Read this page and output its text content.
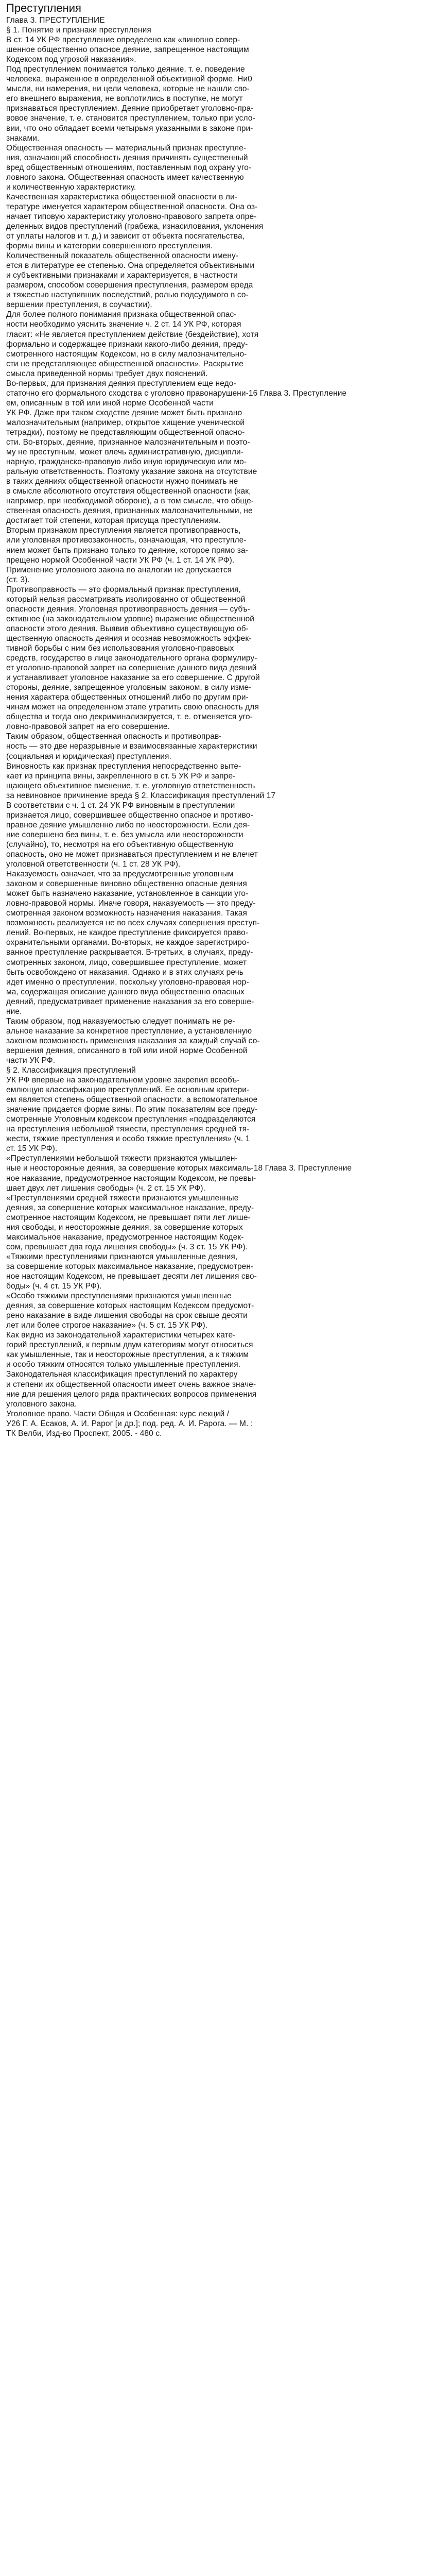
Преступления
Глава 3. ПРЕСТУПЛЕНИЕ
§ 1. Понятие и признаки преступления
В ст. 14 УК РФ преступление определено как «виновно совер-
шенное общественно опасное деяние, запрещенное настоящим
Кодексом под угрозой наказания».
Под преступлением понимается только деяние, т. е. поведение
человека, выраженное в определенной объективной форме. Ни0
мысли, ни намерения, ни цели человека, которые не нашли сво-
его внешнего выражения, не воплотились в поступке, не могут
признаваться преступлением. Деяние приобретает уголовно-пра-
вовое значение, т. е. становится преступлением, только при усло-
вии, что оно обладает всеми четырьмя указанными в законе при-
знаками.
Общественная опасность — материальный признак преступле-
ния, означающий способность деяния причинять существенный
вред общественным отношениям, поставленным под охрану уго-
ловного закона. Общественная опасность имеет качественную
и количественную характеристику.
Качественная характеристика общественной опасности в ли-
тературе именуется характером общественной опасности. Она оз-
начает типовую характеристику уголовно-правового запрета опре-
деленных видов преступлений (грабежа, изнасилования, уклонения
от уплаты налогов и т. д.) и зависит от объекта посягательства,
формы вины и категории совершенного преступления.
Количественный показатель общественной опасности имену-
ется в литературе ее степенью. Она определяется объективными
и субъективными признаками и характеризуется, в частности
размером, способом совершения преступления, размером вреда
и тяжестью наступивших последствий, ролью подсудимого в со-
вершении преступления, в соучастии).
Для более полного понимания признака общественной опас-
ности необходимо уяснить значение ч. 2 ст. 14 УК РФ, которая
гласит: «Не является преступлением действие (бездействие), хотя
формально и содержащее признаки какого-либо деяния, преду-
смотренного настоящим Кодексом, но в силу малозначительно-
сти не представляющее общественной опасности». Раскрытие
смысла приведенной нормы требует двух пояснений.
Во-первых, для признания деяния преступлением еще недо-
статочно его формального сходства с уголовно правонарушени-16 Глава 3. Преступление
ем, описанным в той или иной норме Особенной части
УК РФ. Даже при таком сходстве деяние может быть признано
малозначительным (например, открытое хищение ученической
тетрадки), поэтому не представляющим общественной опасно-
сти. Во-вторых, деяние, признанное малозначительным и поэто-
му не преступным, может влечь административную, дисципли-
нарную, гражданско-правовую либо иную юридическую или мо-
ральную ответственность. Поэтому указание закона на отсутствие
в таких деяниях общественной опасности нужно понимать не
в смысле абсолютного отсутствия общественной опасности (как,
например, при необходимой обороне), а в том смысле, что обще-
ственная опасность деяния, признанных малозначительными, не
достигает той степени, которая присуща преступлениям.
Вторым признаком преступления является противоправность,
или уголовная противозаконность, означающая, что преступле-
нием может быть признано только то деяние, которое прямо за-
прещено нормой Особенной части УК РФ (ч. 1 ст. 14 УК РФ).
Применение уголовного закона по аналогии не допускается
(ст. 3).
Противоправность — это формальный признак преступления,
который нельзя рассматривать изолированно от общественной
опасности деяния. Уголовная противоправность деяния — субъ-
ективное (на законодательном уровне) выражение общественной
опасности этого деяния. Выявив объективно существующую об-
щественную опасность деяния и осознав невозможность эффек-
тивной борьбы с ним без использования уголовно-правовых
средств, государство в лице законодательного органа формулиру-
ет уголовно-правовой запрет на совершение данного вида деяний
и устанавливает уголовное наказание за его совершение. С другой
стороны, деяние, запрещенное уголовным законом, в силу изме-
нения характера общественных отношений либо по другим при-
чинам может на определенном этапе утратить свою опасность для
общества и тогда оно декриминализируется, т. е. отменяется уго-
ловно-правовой запрет на его совершение.
Таким образом, общественная опасность и противоправ-
ность — это две неразрывные и взаимосвязанные характеристики
(социальная и юридическая) преступления.
Виновность как признак преступления непосредственно выте-
кает из принципа вины, закрепленного в ст. 5 УК РФ и запре-
щающего объективное вменение, т. е. уголовную ответственность
за невиновное причинение вреда § 2. Классификация преступлений 17
В соответствии с ч. 1 ст. 24 УК РФ виновным в преступлении
признается лицо, совершившее общественно опасное и противо-
правное деяние умышленно либо по неосторожности. Если дея-
ние совершено без вины, т. е. без умысла или неосторожности
(случайно), то, несмотря на его объективную общественную
опасность, оно не может признаваться преступлением и не влечет
уголовной ответственности (ч. 1 ст. 28 УК РФ).
Наказуемость означает, что за предусмотренные уголовным
законом и совершенные виновно общественно опасные деяния
может быть назначено наказание, установленное в санкции уго-
ловно-правовой нормы. Иначе говоря, наказуемость — это преду-
смотренная законом возможность назначения наказания. Такая
возможность реализуется не во всех случаях совершения преступ-
лений. Во-первых, не каждое преступление фиксируется право-
охранительными органами. Во-вторых, не каждое зарегистриро-
ванное преступление раскрывается. В-третьих, в случаях, преду-
смотренных законом, лицо, совершившее преступление, может
быть освобождено от наказания. Однако и в этих случаях речь
идет именно о преступлении, поскольку уголовно-правовая нор-
ма, содержащая описание данного вида общественно опасных
деяний, предусматривает применение наказания за его соверше-
ние.
Таким образом, под наказуемостью следует понимать не ре-
альное наказание за конкретное преступление, а установленную
законом возможность применения наказания за каждый случай со-
вершения деяния, описанного в той или иной норме Особенной
части УК РФ.
§ 2. Классификация преступлений
УК РФ впервые на законодательном уровне закрепил всеобъ-
емлющую классификацию преступлений. Ее основным критери-
ем является степень общественной опасности, а вспомогательное
значение придается форме вины. По этим показателям все преду-
смотренные Уголовным кодексом преступления «подразделяются
на преступления небольшой тяжести, преступления средней тя-
жести, тяжкие преступления и особо тяжкие преступления» (ч. 1
ст. 15 УК РФ).
«Преступлениями небольшой тяжести признаются умышлен-
ные и неосторожные деяния, за совершение которых максималь-18 Глава 3. Преступление
ное наказание, предусмотренное настоящим Кодексом, не превы-
шает двух лет лишения свободы» (ч. 2 ст. 15 УК РФ).
«Преступлениями средней тяжести признаются умышленные
деяния, за совершение которых максимальное наказание, преду-
смотренное настоящим Кодексом, не превышает пяти лет лише-
ния свободы, и неосторожные деяния, за совершение которых
максимальное наказание, предусмотренное настоящим Кодек-
сом, превышает два года лишения свободы» (ч. 3 ст. 15 УК РФ).
«Тяжкими преступлениями признаются умышленные деяния,
за совершение которых максимальное наказание, предусмотрен-
ное настоящим Кодексом, не превышает десяти лет лишения сво-
боды» (ч. 4 ст. 15 УК РФ).
«Особо тяжкими преступлениями признаются умышленные
деяния, за совершение которых настоящим Кодексом предусмот-
рено наказание в виде лишения свободы на срок свыше десяти
лет или более строгое наказание» (ч. 5 ст. 15 УК РФ).
Как видно из законодательной характеристики четырех кате-
горий преступлений, к первым двум категориям могут относиться
как умышленные, так и неосторожные преступления, а к тяжким
и особо тяжким относятся только умышленные преступления.
Законодательная классификация преступлений по характеру
и степени их общественной опасности имеет очень важное значе-
ние для решения целого ряда практических вопросов применения
уголовного закона.
Уголовное право. Части Общая и Особенная: курс лекций /
У26 Г. А. Есаков, А. И. Рарог [и др.]; под. ред. А. И. Рарога. — М. :
ТК Велби, Изд-во Проспект, 2005. - 480 с.
